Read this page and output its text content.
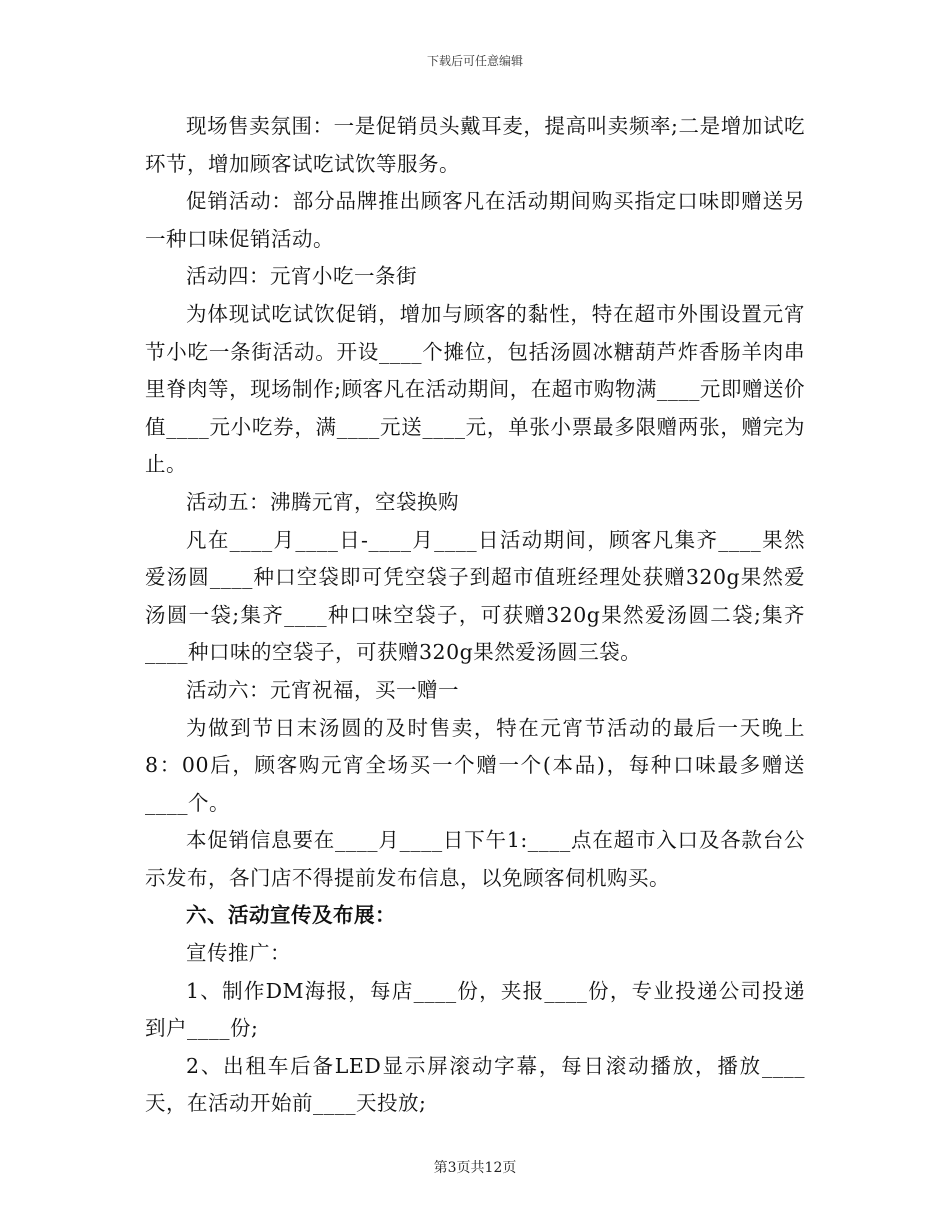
下载后可任意编辑

现场售卖氛围：一是促销员头戴耳麦，提高叫卖频率;二是增加试吃环节，增加顾客试吃试饮等服务。

促销活动：部分品牌推出顾客凡在活动期间购买指定口味即赠送另一种口味促销活动。

活动四：元宵小吃一条街

为体现试吃试饮促销，增加与顾客的黏性，特在超市外围设置元宵节小吃一条街活动。开设____个摊位，包括汤圆冰糖葫芦炸香肠羊肉串里脊肉等，现场制作;顾客凡在活动期间，在超市购物满____元即赠送价值____元小吃券，满____元送____元，单张小票最多限赠两张，赠完为止。

活动五：沸腾元宵，空袋换购

凡在____月____日-____月____日活动期间，顾客凡集齐____果然爱汤圆____种口空袋即可凭空袋子到超市值班经理处获赠320g果然爱汤圆一袋;集齐____种口味空袋子，可获赠320g果然爱汤圆二袋;集齐____种口味的空袋子，可获赠320g果然爱汤圆三袋。

活动六：元宵祝福，买一赠一

为做到节日末汤圆的及时售卖，特在元宵节活动的最后一天晚上8：00后，顾客购元宵全场买一个赠一个(本品)，每种口味最多赠送____个。

本促销信息要在____月____日下午1:____点在超市入口及各款台公示发布，各门店不得提前发布信息，以免顾客伺机购买。

六、活动宣传及布展：

宣传推广：

1、制作DM海报，每店____份，夹报____份，专业投递公司投递到户____份;

2、出租车后备LED显示屏滚动字幕，每日滚动播放，播放____天，在活动开始前____天投放;

第3页共12页
